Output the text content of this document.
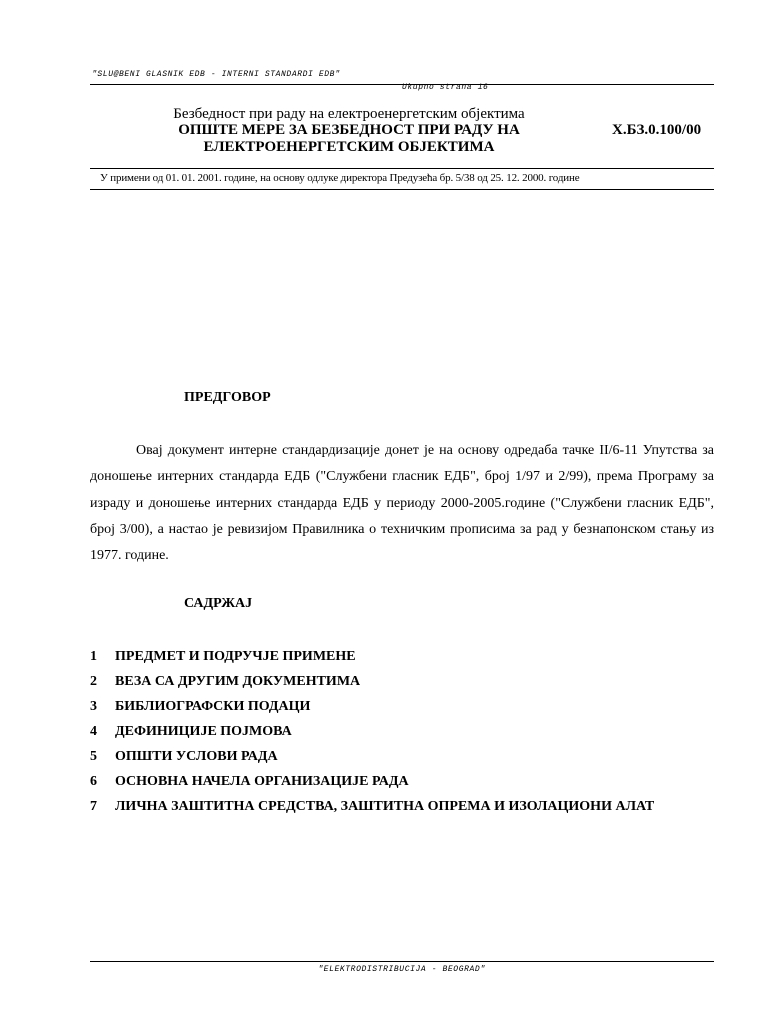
"SLU@BENI GLASNIK EDB - INTERNI STANDARDI EDB"
Ukupno strana 16
Безбедност при раду на електроенергетским објектима
ОПШТЕ МЕРЕ ЗА БЕЗБЕДНОСТ ПРИ РАДУ НА
ЕЛЕКТРОЕНЕРГЕТСКИМ ОБЈЕКТИМА
Х.БЗ.0.100/00
У примени од 01. 01. 2001. године, на основу одлуке директора Предузећа бр. 5/38 од 25. 12. 2000. године
ПРЕДГОВОР
Овај документ интерне стандардизације донет је на основу одредаба тачке II/6-11 Упутства за доношење интерних стандарда ЕДБ ("Службени гласник ЕДБ", број 1/97 и 2/99), према Програму за израду и доношење интерних стандарда ЕДБ у периоду 2000-2005.године ("Службени гласник ЕДБ", број 3/00), а настао је ревизијом Правилника о техничким прописима за рад у безнапонском стању из 1977. године.
САДРЖАЈ
1	ПРЕДМЕТ И ПОДРУЧЈЕ ПРИМЕНЕ
2	ВЕЗА СА ДРУГИМ ДОКУМЕНТИМА
3	БИБЛИОГРАФСКИ ПОДАЦИ
4	ДЕФИНИЦИЈЕ ПОЈМОВА
5	ОПШТИ УСЛОВИ РАДА
6	ОСНОВНА НАЧЕЛА ОРГАНИЗАЦИЈЕ РАДА
7	ЛИЧНА ЗАШТИТНА СРЕДСТВА, ЗАШТИТНА ОПРЕМА И ИЗОЛАЦИОНИ АЛАТ
"ELEKTRODISTRIBUCIJA - BEOGRAD"
